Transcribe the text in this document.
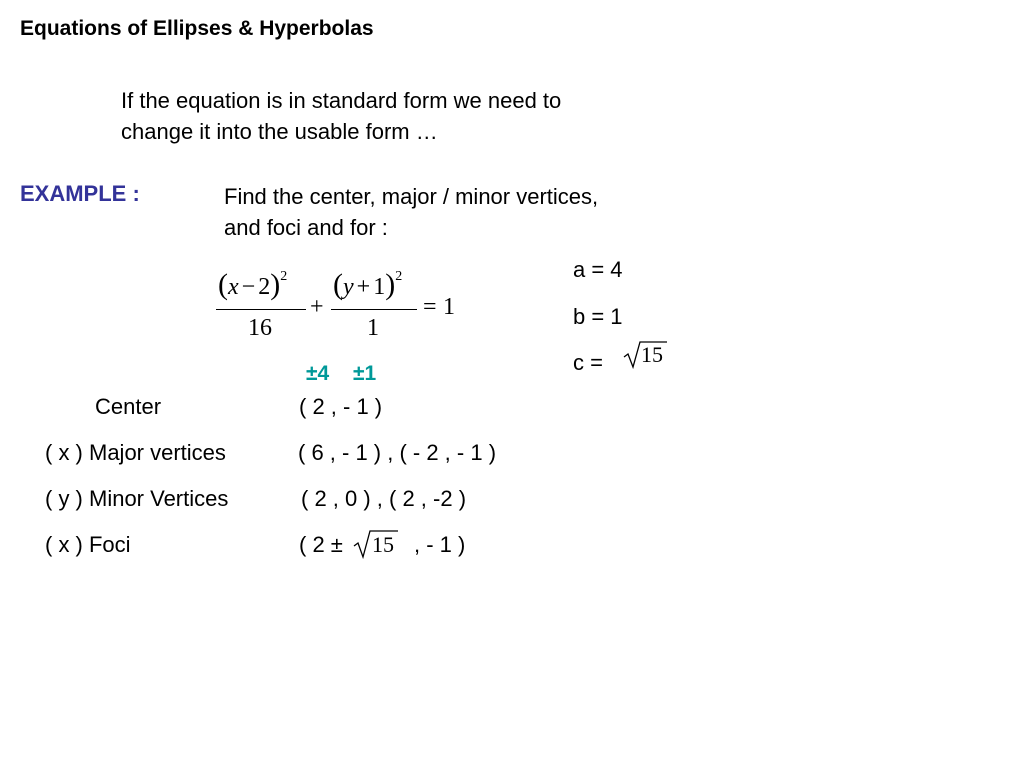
Equations of Ellipses & Hyperbolas
If the equation is in standard form we need to
change it into the usable form …
EXAMPLE :	Find the center, major / minor vertices,
and foci and for :
$(x - 2)^2$
16
+
$(y + 1)^2$
1
= 1
a = 4
b = 1
c = 15
±4 ±1
Center	( 2 , - 1 )
( x ) Major vertices	( 6 , - 1 ) , ( - 2 , - 1 )
( y ) Minor Vertices	( 2 , 0 ) , ( 2 , -2 )
( x ) Foci	( 2 ± 15 , - 1 )
